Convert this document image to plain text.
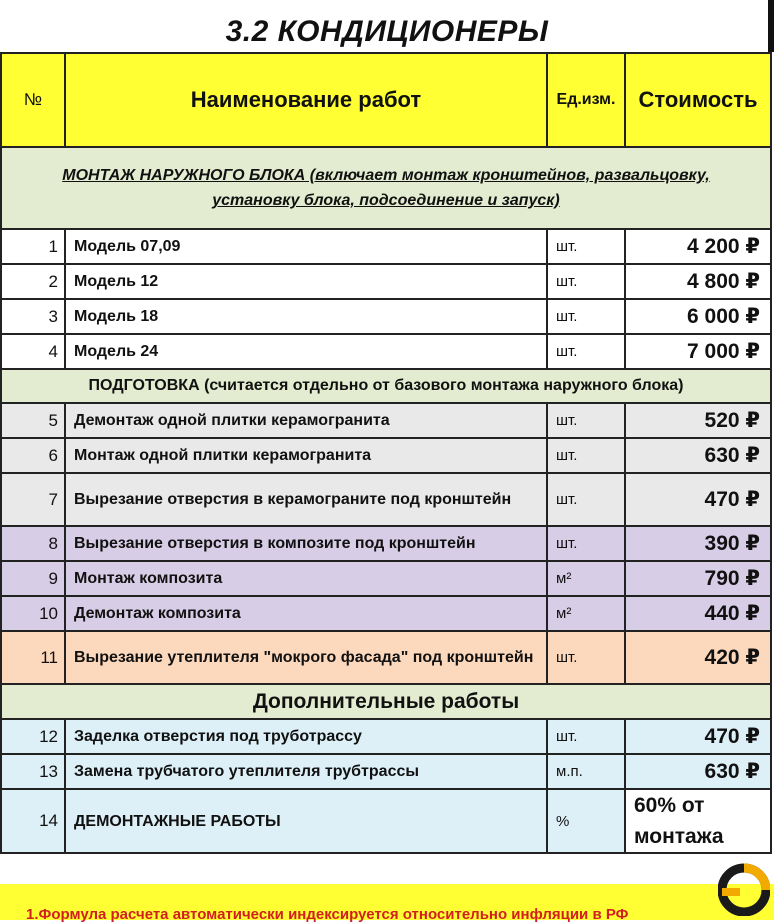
3.2 КОНДИЦИОНЕРЫ
№	Наименование работ	Ед.изм.	Стоимость
МОНТАЖ НАРУЖНОГО БЛОКА (включает монтаж кронштейнов, развальцовку,
установку блока, подсоединение и запуск)			
1	Модель 07,09	шт.	4 200 ₽
2	Модель 12	шт.	4 800 ₽
3	Модель 18	шт.	6 000 ₽
4	Модель 24	шт.	7 000 ₽
ПОДГОТОВКА (считается отдельно от базового монтажа наружного блока)			
5	Демонтаж одной плитки керамогранита	шт.	520 ₽
6	Монтаж одной плитки керамогранита	шт.	630 ₽
7	Вырезание отверстия в керамограните под кронштейн	шт.	470 ₽
8	Вырезание отверстия в композите под кронштейн	шт.	390 ₽
9	Монтаж композита	м²	790 ₽
10	Демонтаж композита	м²	440 ₽
11	Вырезание утеплителя "мокрого фасада" под кронштейн	шт.	420 ₽
Дополнительные работы			
12	Заделка отверстия под труботрассу	шт.	470 ₽
13	Замена трубчатого утеплителя трубтрассы	м.п.	630 ₽
14	ДЕМОНТАЖНЫЕ РАБОТЫ	%	60% от монтажа
1.Формула расчета автоматически индексируется относительно инфляции в РФ
